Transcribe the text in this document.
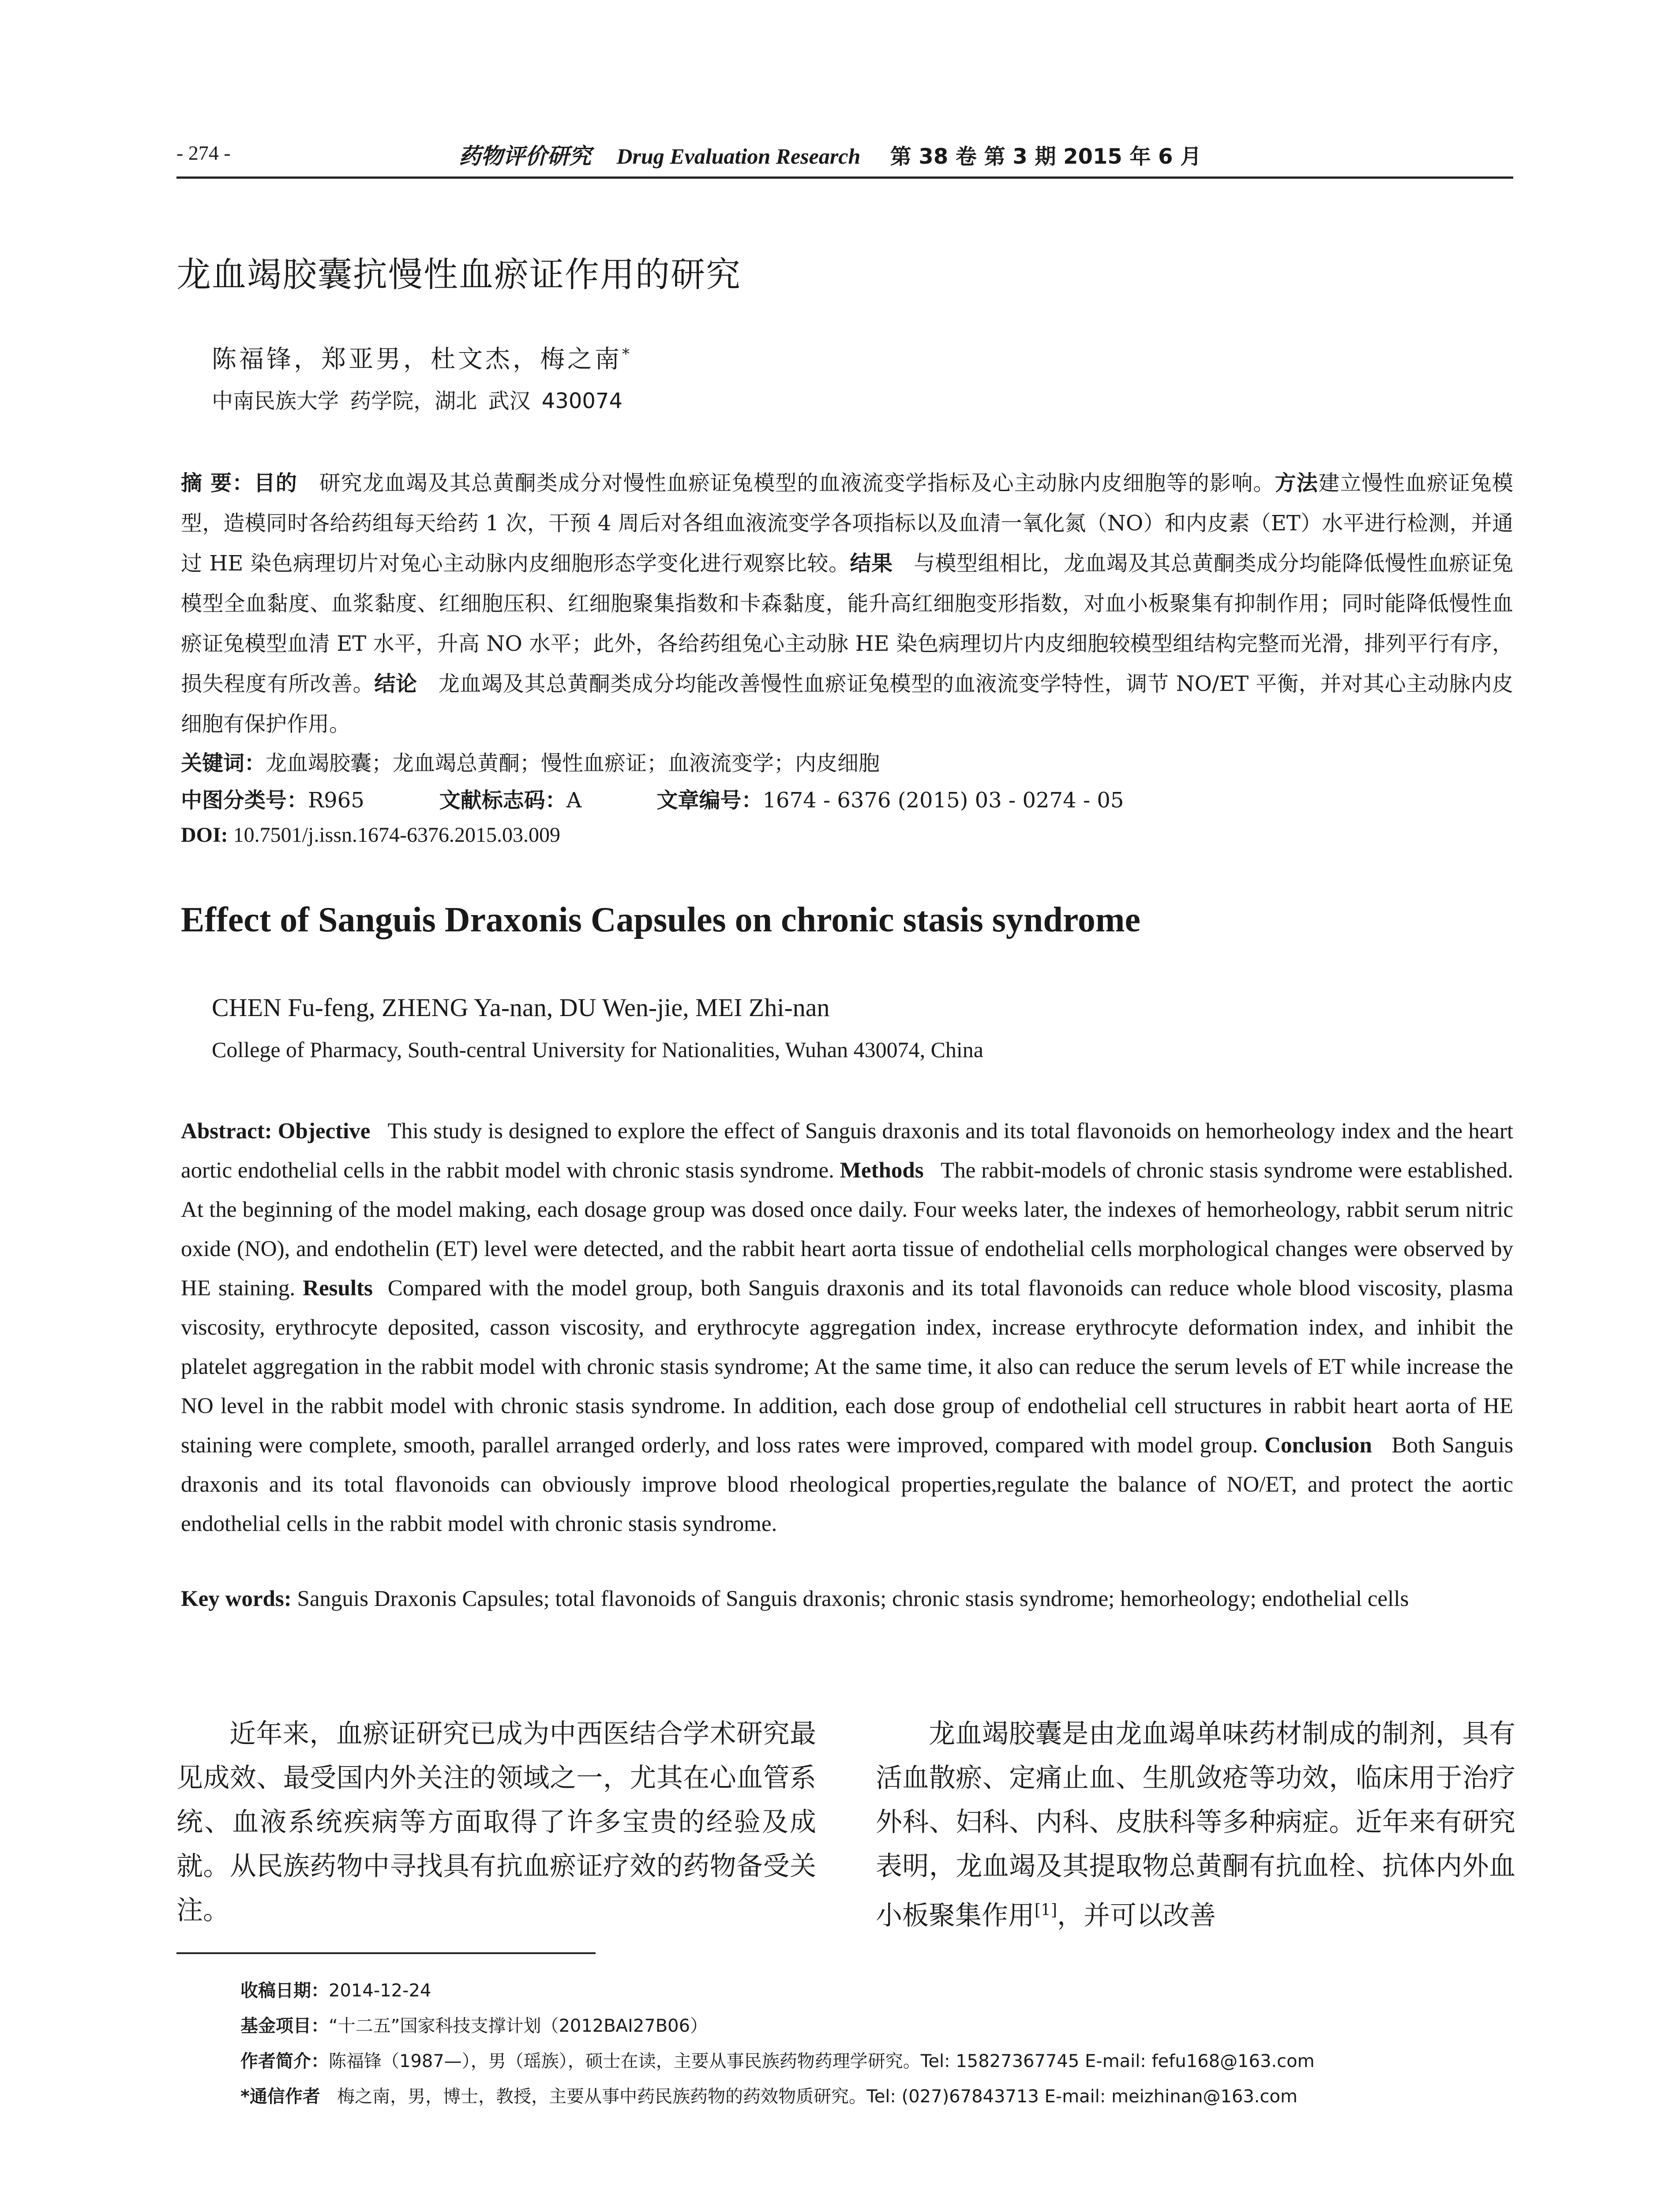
- 274 -	药物评价研究 Drug Evaluation Research 第 38 卷 第 3 期 2015 年 6 月
龙血竭胶囊抗慢性血瘀证作用的研究
陈福锋，郑亚男，杜文杰，梅之南*
中南民族大学 药学院，湖北 武汉 430074
摘 要：目的 研究龙血竭及其总黄酮类成分对慢性血瘀证兔模型的血液流变学指标及心主动脉内皮细胞等的影响。方法建立慢性血瘀证兔模型，造模同时各给药组每天给药 1 次，干预 4 周后对各组血液流变学各项指标以及血清一氧化氮（NO）和内皮素（ET）水平进行检测，并通过 HE 染色病理切片对兔心主动脉内皮细胞形态学变化进行观察比较。结果 与模型组相比，龙血竭及其总黄酮类成分均能降低慢性血瘀证兔模型全血黏度、血浆黏度、红细胞压积、红细胞聚集指数和卡森黏度，能升高红细胞变形指数，对血小板聚集有抑制作用；同时能降低慢性血瘀证兔模型血清 ET 水平，升高 NO 水平；此外，各给药组兔心主动脉 HE 染色病理切片内皮细胞较模型组结构完整而光滑，排列平行有序，损失程度有所改善。结论 龙血竭及其总黄酮类成分均能改善慢性血瘀证兔模型的血液流变学特性，调节 NO/ET 平衡，并对其心主动脉内皮细胞有保护作用。
关键词：龙血竭胶囊；龙血竭总黄酮；慢性血瘀证；血液流变学；内皮细胞
中图分类号：R965	文献标志码：A	文章编号：1674 - 6376 (2015) 03 - 0274 - 05
DOI: 10.7501/j.issn.1674-6376.2015.03.009
Effect of Sanguis Draxonis Capsules on chronic stasis syndrome
CHEN Fu-feng, ZHENG Ya-nan, DU Wen-jie, MEI Zhi-nan
College of Pharmacy, South-central University for Nationalities, Wuhan 430074, China
Abstract: Objective This study is designed to explore the effect of Sanguis draxonis and its total flavonoids on hemorheology index and the heart aortic endothelial cells in the rabbit model with chronic stasis syndrome. Methods The rabbit-models of chronic stasis syndrome were established. At the beginning of the model making, each dosage group was dosed once daily. Four weeks later, the indexes of hemorheology, rabbit serum nitric oxide (NO), and endothelin (ET) level were detected, and the rabbit heart aorta tissue of endothelial cells morphological changes were observed by HE staining. Results Compared with the model group, both Sanguis draxonis and its total flavonoids can reduce whole blood viscosity, plasma viscosity, erythrocyte deposited, casson viscosity, and erythrocyte aggregation index, increase erythrocyte deformation index, and inhibit the platelet aggregation in the rabbit model with chronic stasis syndrome; At the same time, it also can reduce the serum levels of ET while increase the NO level in the rabbit model with chronic stasis syndrome. In addition, each dose group of endothelial cell structures in rabbit heart aorta of HE staining were complete, smooth, parallel arranged orderly, and loss rates were improved, compared with model group. Conclusion Both Sanguis draxonis and its total flavonoids can obviously improve blood rheological properties,regulate the balance of NO/ET, and protect the aortic endothelial cells in the rabbit model with chronic stasis syndrome.
Key words: Sanguis Draxonis Capsules; total flavonoids of Sanguis draxonis; chronic stasis syndrome; hemorheology; endothelial cells
近年来，血瘀证研究已成为中西医结合学术研究最见成效、最受国内外关注的领域之一，尤其在心血管系统、血液系统疾病等方面取得了许多宝贵的经验及成就。从民族药物中寻找具有抗血瘀证疗效的药物备受关注。
龙血竭胶囊是由龙血竭单味药材制成的制剂，具有活血散瘀、定痛止血、生肌敛疮等功效，临床用于治疗外科、妇科、内科、皮肤科等多种病症。近年来有研究表明，龙血竭及其提取物总黄酮有抗血栓、抗体内外血小板聚集作用[1]，并可以改善
收稿日期：2014-12-24
基金项目：“十二五”国家科技支撑计划（2012BAI27B06）
作者简介：陈福锋（1987—），男（瑶族），硕士在读，主要从事民族药物药理学研究。Tel: 15827367745 E-mail: fefu168@163.com
*通信作者 梅之南，男，博士，教授，主要从事中药民族药物的药效物质研究。Tel: (027)67843713 E-mail: meizhinan@163.com
